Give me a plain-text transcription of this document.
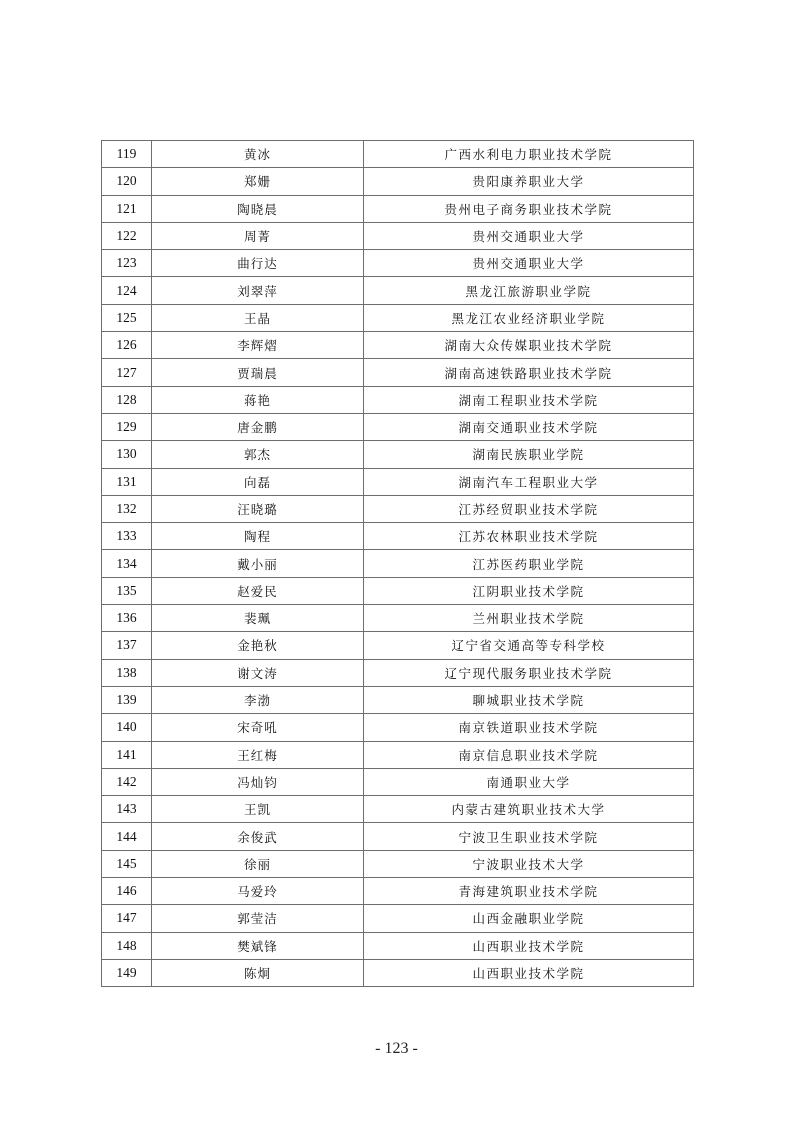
119	黄冰	广西水利电力职业技术学院
120	郑姗	贵阳康养职业大学
121	陶晓晨	贵州电子商务职业技术学院
122	周菁	贵州交通职业大学
123	曲行达	贵州交通职业大学
124	刘翠萍	黑龙江旅游职业学院
125	王晶	黑龙江农业经济职业学院
126	李辉熠	湖南大众传媒职业技术学院
127	贾瑞晨	湖南高速铁路职业技术学院
128	蒋艳	湖南工程职业技术学院
129	唐金鹏	湖南交通职业技术学院
130	郭杰	湖南民族职业学院
131	向磊	湖南汽车工程职业大学
132	汪晓璐	江苏经贸职业技术学院
133	陶程	江苏农林职业技术学院
134	戴小丽	江苏医药职业学院
135	赵爱民	江阴职业技术学院
136	裴珮	兰州职业技术学院
137	金艳秋	辽宁省交通高等专科学校
138	谢文涛	辽宁现代服务职业技术学院
139	李渤	聊城职业技术学院
140	宋奇吼	南京铁道职业技术学院
141	王红梅	南京信息职业技术学院
142	冯灿钧	南通职业大学
143	王凯	内蒙古建筑职业技术大学
144	余俊武	宁波卫生职业技术学院
145	徐丽	宁波职业技术大学
146	马爱玲	青海建筑职业技术学院
147	郭莹洁	山西金融职业学院
148	樊斌锋	山西职业技术学院
149	陈炯	山西职业技术学院
- 123 -
